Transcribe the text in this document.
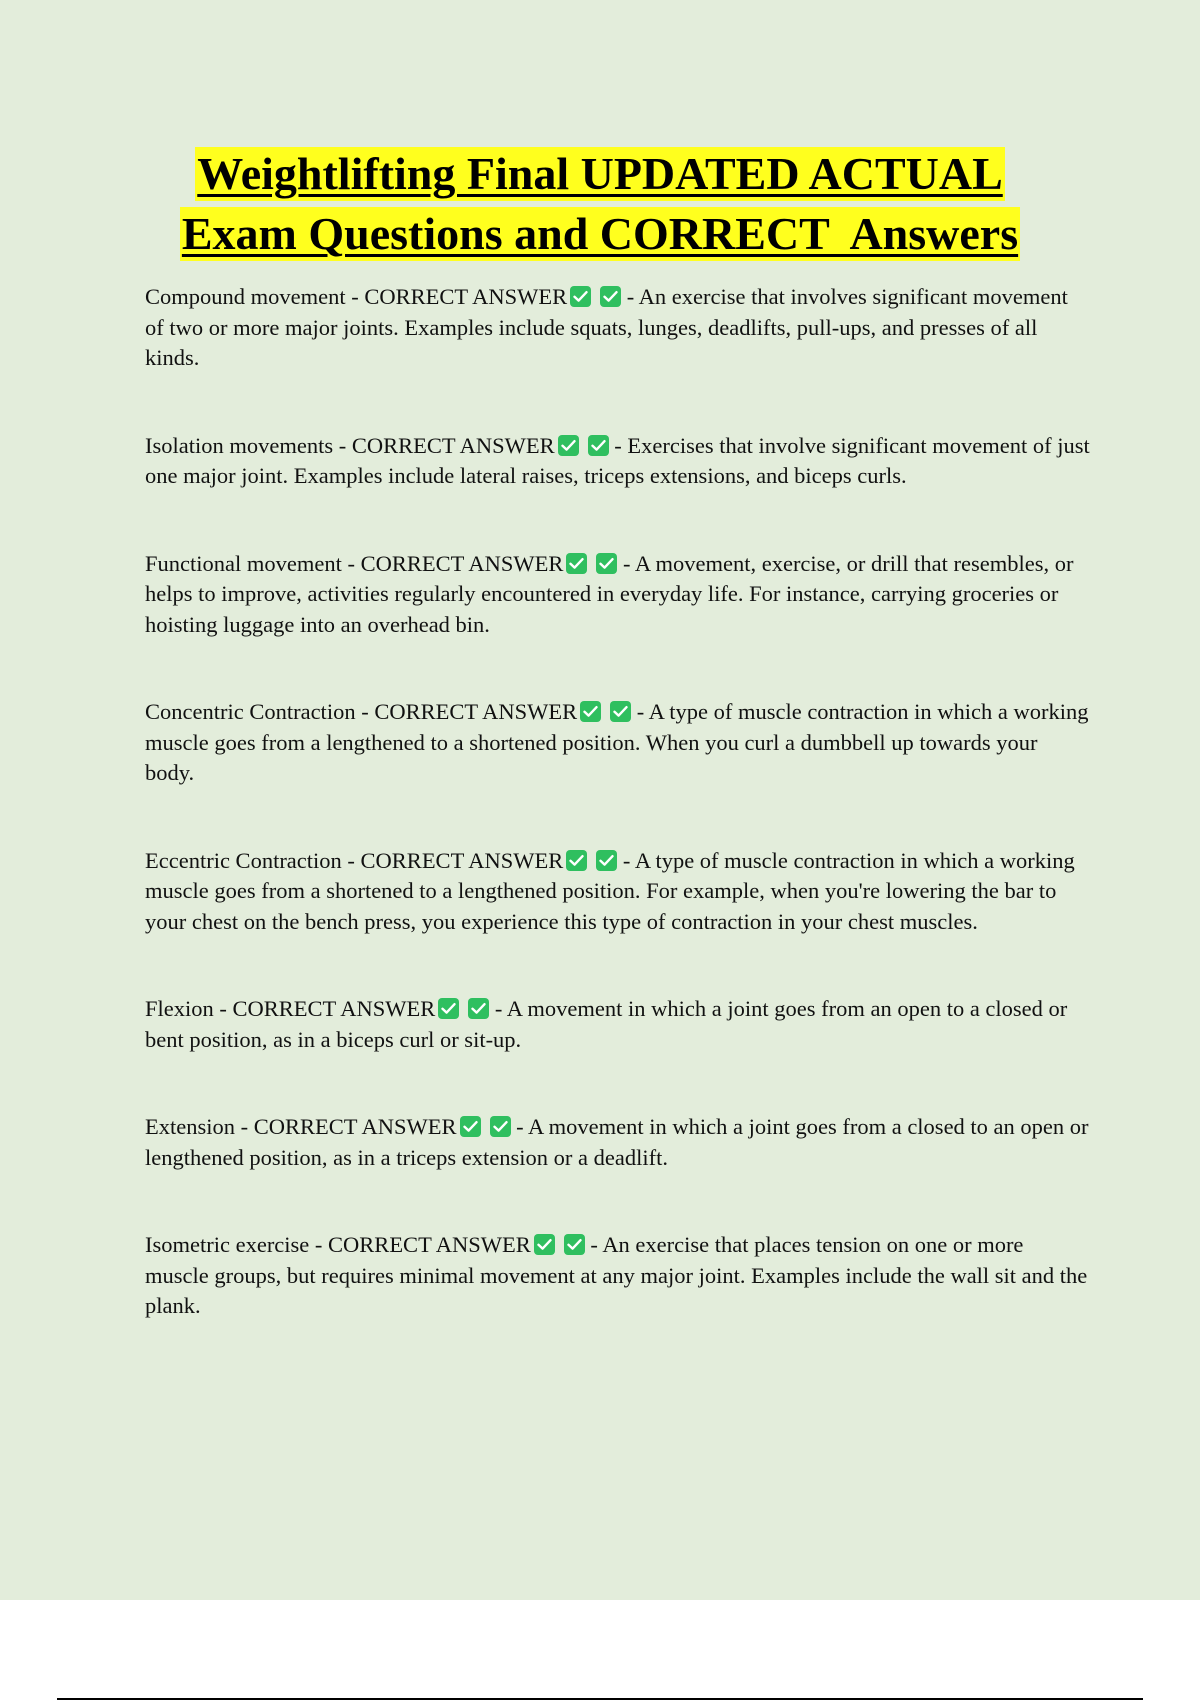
Weightlifting Final UPDATED ACTUAL
Exam Questions and CORRECT  Answers
Compound movement - CORRECT ANSWER
- An exercise that involves significant movement of two or more major joints. Examples include squats, lunges, deadlifts, pull-ups, and presses of all kinds.
Isolation movements - CORRECT ANSWER
- Exercises that involve significant movement of just one major joint. Examples include lateral raises, triceps extensions, and biceps curls.
Functional movement - CORRECT ANSWER
- A movement, exercise, or drill that resembles, or helps to improve, activities regularly encountered in everyday life. For instance, carrying groceries or hoisting luggage into an overhead bin.
Concentric Contraction - CORRECT ANSWER
- A type of muscle contraction in which a working muscle goes from a lengthened to a shortened position. When you curl a dumbbell up towards your body.
Eccentric Contraction - CORRECT ANSWER
- A type of muscle contraction in which a working muscle goes from a shortened to a lengthened position. For example, when you're lowering the bar to your chest on the bench press, you experience this type of contraction in your chest muscles.
Flexion - CORRECT ANSWER
- A movement in which a joint goes from an open to a closed or bent position, as in a biceps curl or sit-up.
Extension - CORRECT ANSWER
- A movement in which a joint goes from a closed to an open or lengthened position, as in a triceps extension or a deadlift.
Isometric exercise - CORRECT ANSWER
- An exercise that places tension on one or more muscle groups, but requires minimal movement at any major joint. Examples include the wall sit and the plank.
